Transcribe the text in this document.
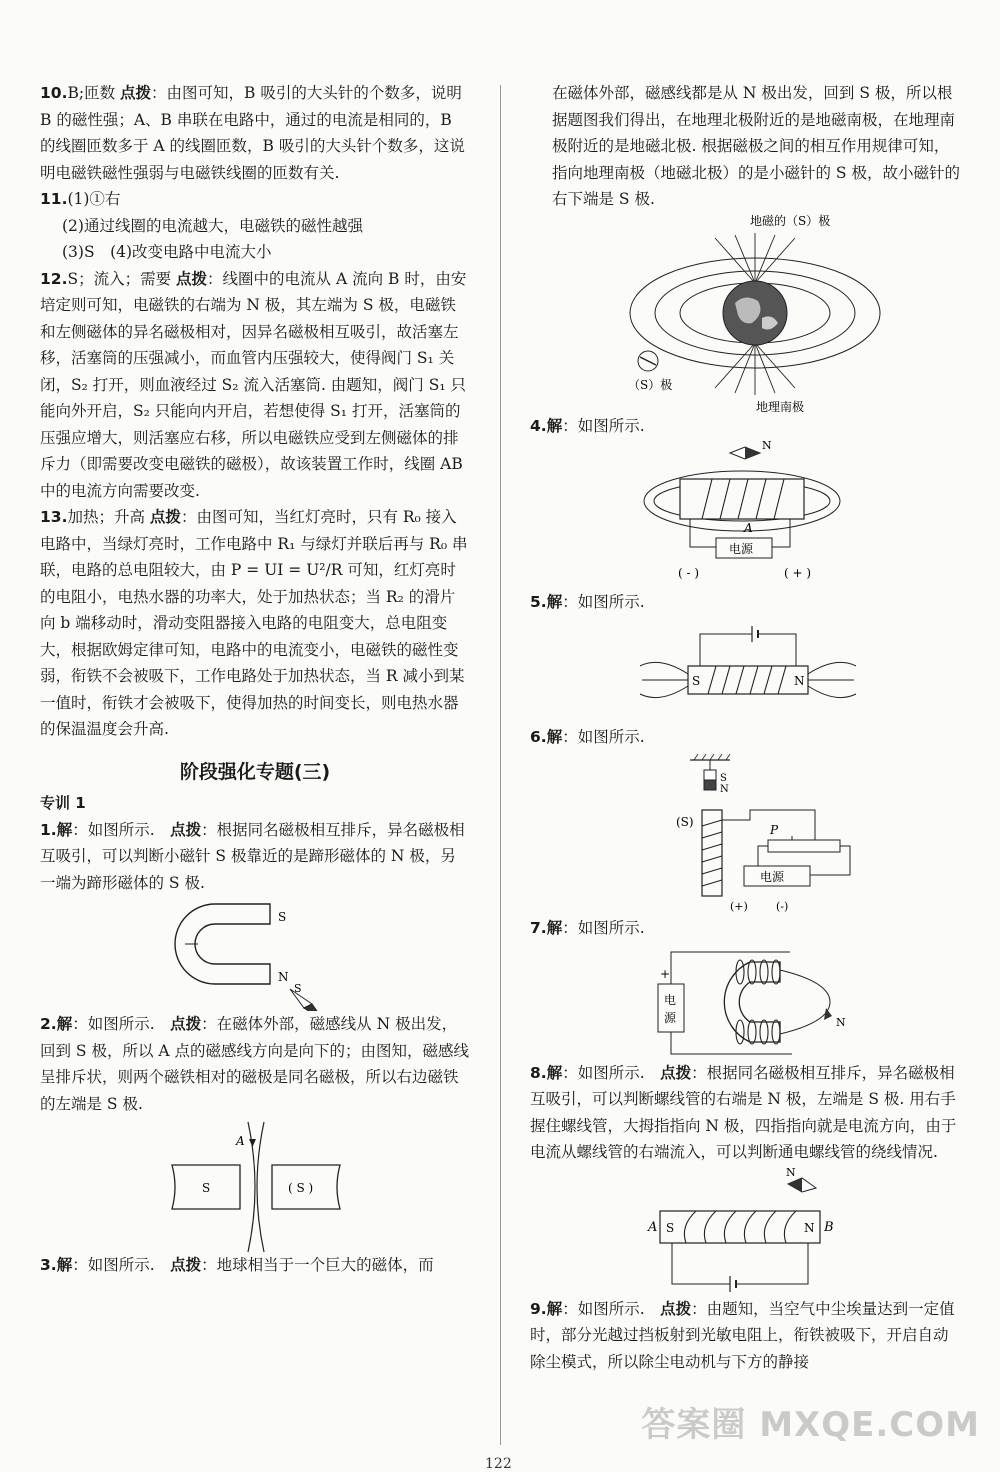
10.B;匝数 点拨：由图可知，B 吸引的大头针的个数多，说明 B 的磁性强；A、B 串联在电路中，通过的电流是相同的，B 的线圈匝数多于 A 的线圈匝数，B 吸引的大头针个数多，这说明电磁铁磁性强弱与电磁铁线圈的匝数有关.
11.(1)①右
(2)通过线圈的电流越大，电磁铁的磁性越强
(3)S　(4)改变电路中电流大小
12.S；流入；需要 点拨：线圈中的电流从 A 流向 B 时，由安培定则可知，电磁铁的右端为 N 极，其左端为 S 极，电磁铁和左侧磁体的异名磁极相对，因异名磁极相互吸引，故活塞左移，活塞筒的压强减小，而血管内压强较大，使得阀门 S₁ 关闭，S₂ 打开，则血液经过 S₂ 流入活塞筒. 由题知，阀门 S₁ 只能向外开启，S₂ 只能向内开启，若想使得 S₁ 打开，活塞筒的压强应增大，则活塞应右移，所以电磁铁应受到左侧磁体的排斥力（即需要改变电磁铁的磁极），故该装置工作时，线圈 AB 中的电流方向需要改变.
13.加热；升高 点拨：由图可知，当红灯亮时，只有 R₀ 接入电路中，当绿灯亮时，工作电路中 R₁ 与绿灯并联后再与 R₀ 串联，电路的总电阻较大，由 P = UI = U²/R 可知，红灯亮时的电阻小，电热水器的功率大，处于加热状态；当 R₂ 的滑片向 b 端移动时，滑动变阻器接入电路的电阻变大，总电阻变大，根据欧姆定律可知，电路中的电流变小，电磁铁的磁性变弱，衔铁不会被吸下，工作电路处于加热状态，当 R 减小到某一值时，衔铁才会被吸下，使得加热的时间变长，则电热水器的保温温度会升高.
阶段强化专题(三)
专训 1
1.解：如图所示.　点拨：根据同名磁极相互排斥，异名磁极相互吸引，可以判断小磁针 S 极靠近的是蹄形磁体的 N 极，另一端为蹄形磁体的 S 极.
S
N
S
2.解：如图所示.　点拨：在磁体外部，磁感线从 N 极出发，回到 S 极，所以 A 点的磁感线方向是向下的；由图知，磁感线呈排斥状，则两个磁铁相对的磁极是同名磁极，所以右边磁铁的左端是 S 极.
S	( S )
A
3.解：如图所示.　点拨：地球相当于一个巨大的磁体，而
在磁体外部，磁感线都是从 N 极出发，回到 S 极，所以根据题图我们得出，在地理北极附近的是地磁南极，在地理南极附近的是地磁北极. 根据磁极之间的相互作用规律可知，指向地理南极（地磁北极）的是小磁针的 S 极，故小磁针的右下端是 S 极.
地磁的（S）极
（S）极
地理南极
4.解：如图所示.
N
A
电源
( - )	( + )
5.解：如图所示.
S	N
6.解：如图所示.
S
N
(S)
P
电源
(+)	(-)
7.解：如图所示.
电
源
+
N
8.解：如图所示.　点拨：根据同名磁极相互排斥，异名磁极相互吸引，可以判断螺线管的右端是 N 极，左端是 S 极. 用右手握住螺线管，大拇指指向 N 极，四指指向就是电流方向，由于电流从螺线管的右端流入，可以判断通电螺线管的绕线情况.
N
A	B
S	N
9.解：如图所示.　点拨：由题知，当空气中尘埃量达到一定值时，部分光越过挡板射到光敏电阻上，衔铁被吸下，开启自动除尘模式，所以除尘电动机与下方的静接
答案圈 MXQE.COM
122
